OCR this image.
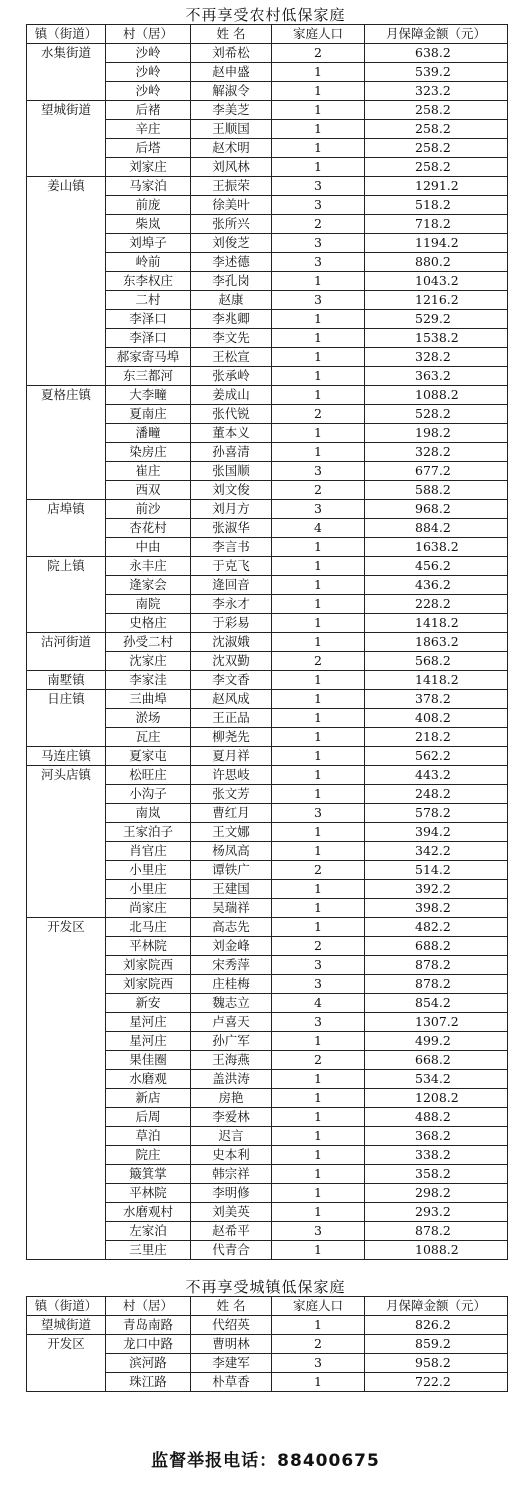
不再享受农村低保家庭
镇（街道）	村（居）	姓 名	家庭人口	月保障金额（元）
水集街道	沙岭	刘希松	2	638.2
	沙岭	赵申盛	1	539.2
	沙岭	解淑令	1	323.2
望城街道	后褚	李美芝	1	258.2
	辛庄	王顺国	1	258.2
	后塔	赵术明	1	258.2
	刘家庄	刘风林	1	258.2
姜山镇	马家泊	王振荣	3	1291.2
	前庞	徐美叶	3	518.2
	柴岚	张所兴	2	718.2
	刘埠子	刘俊芝	3	1194.2
	岭前	李述德	3	880.2
	东李权庄	李孔岗	1	1043.2
	二村	赵康	3	1216.2
	李泽口	李兆卿	1	529.2
	李泽口	李文先	1	1538.2
	郝家寄马埠	王松宣	1	328.2
	东三都河	张承岭	1	363.2
夏格庄镇	大李疃	姜成山	1	1088.2
	夏南庄	张代锐	2	528.2
	潘疃	董本义	1	198.2
	染房庄	孙喜清	1	328.2
	崔庄	张国顺	3	677.2
	西双	刘文俊	2	588.2
店埠镇	前沙	刘月方	3	968.2
	杏花村	张淑华	4	884.2
	中由	李言书	1	1638.2
院上镇	永丰庄	于克飞	1	456.2
	逄家会	逄回音	1	436.2
	南院	李永才	1	228.2
	史格庄	于彩易	1	1418.2
沽河街道	孙受二村	沈淑娥	1	1863.2
	沈家庄	沈双勤	2	568.2
南墅镇	李家洼	李文香	1	1418.2
日庄镇	三曲埠	赵风成	1	378.2
	淤场	王正品	1	408.2
	瓦庄	柳尧先	1	218.2
马连庄镇	夏家屯	夏月祥	1	562.2
河头店镇	松旺庄	许思岐	1	443.2
	小沟子	张文芳	1	248.2
	南岚	曹红月	3	578.2
	王家泊子	王文娜	1	394.2
	肖官庄	杨凤高	1	342.2
	小里庄	谭铁广	2	514.2
	小里庄	王建国	1	392.2
	尚家庄	吴瑞祥	1	398.2
开发区	北马庄	高志先	1	482.2
	平林院	刘金峰	2	688.2
	刘家院西	宋秀萍	3	878.2
	刘家院西	庄桂梅	3	878.2
	新安	魏志立	4	854.2
	星河庄	卢喜天	3	1307.2
	星河庄	孙广军	1	499.2
	果佳圈	王海燕	2	668.2
	水磨观	盖洪涛	1	534.2
	新店	房艳	1	1208.2
	后周	李爱林	1	488.2
	草泊	迟言	1	368.2
	院庄	史本利	1	338.2
	簸箕掌	韩宗祥	1	358.2
	平林院	李明修	1	298.2
	水磨观村	刘美英	1	293.2
	左家泊	赵希平	3	878.2
	三里庄	代青合	1	1088.2
不再享受城镇低保家庭
镇（街道）	村（居）	姓 名	家庭人口	月保障金额（元）
望城街道	青岛南路	代绍英	1	826.2
开发区	龙口中路	曹明林	2	859.2
	滨河路	李建军	3	958.2
	珠江路	朴草香	1	722.2
监督举报电话：88400675
